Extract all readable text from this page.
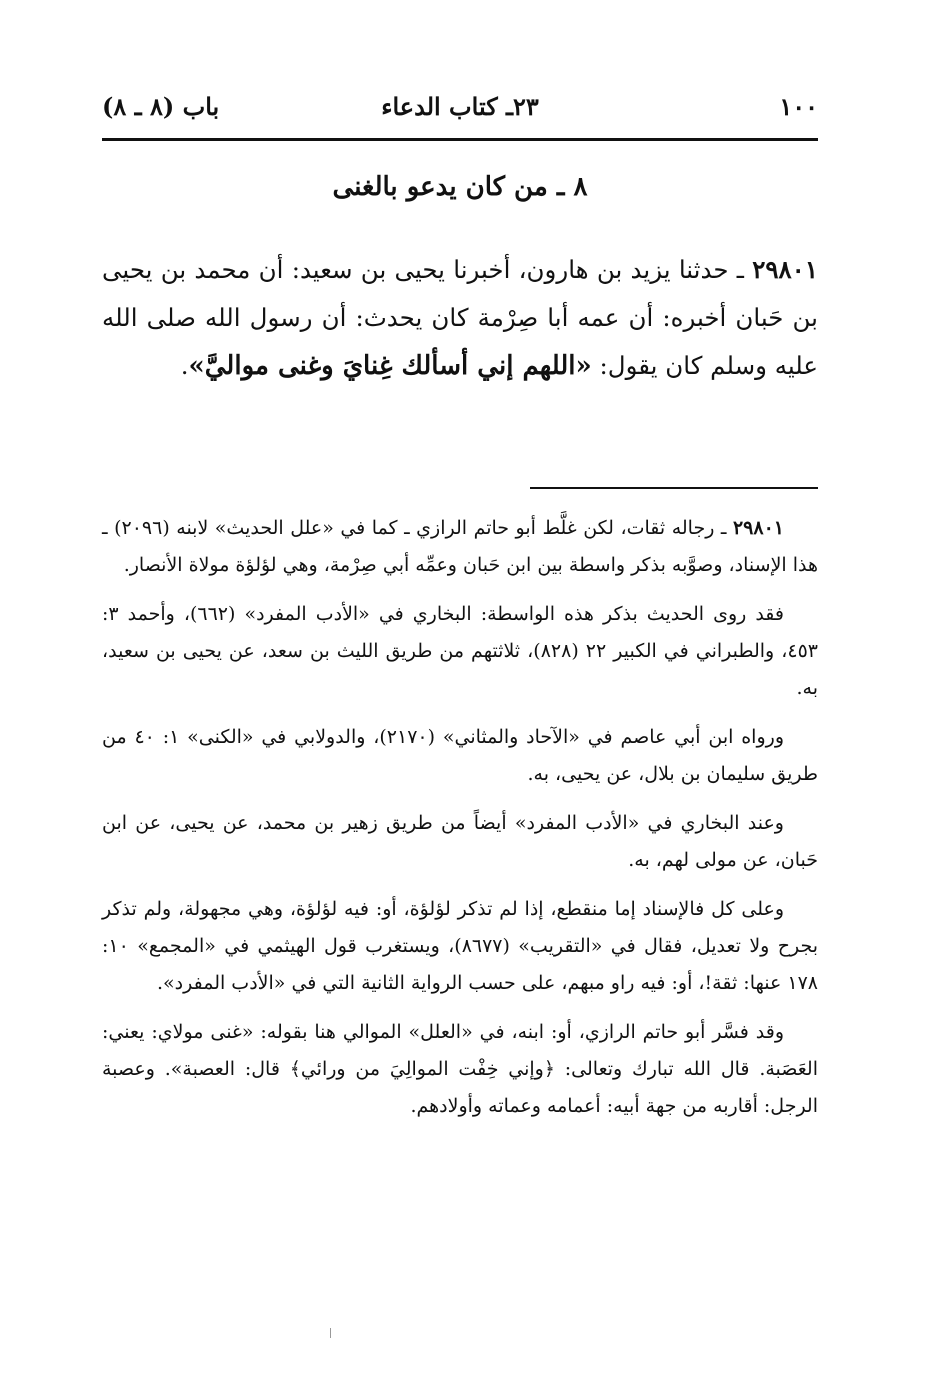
١٠٠
٢٣ـ كتاب الدعاء
باب (٨ ـ ٨)
٨ ـ من كان يدعو بالغنى
٢٩٨٠١ ـ حدثنا يزيد بن هارون، أخبرنا يحيى بن سعيد: أن محمد بن يحيى بن حَبان أخبره: أن عمه أبا صِرْمة كان يحدث: أن رسول الله صلى الله عليه وسلم كان يقول: «اللهم إني أسألك غِنايَ وغنى مواليَّ».

٢٩٨٠١ ـ رجاله ثقات، لكن غلَّط أبو حاتم الرازي ـ كما في «علل الحديث» لابنه (٢٠٩٦) ـ هذا الإسناد، وصوَّبه بذكر واسطة بين ابن حَبان وعمِّه أبي صِرْمة، وهي لؤلؤة مولاة الأنصار.

فقد روى الحديث بذكر هذه الواسطة: البخاري في «الأدب المفرد» (٦٦٢)، وأحمد ٣: ٤٥٣، والطبراني في الكبير ٢٢ (٨٢٨)، ثلاثتهم من طريق الليث بن سعد، عن يحيى بن سعيد، به.

ورواه ابن أبي عاصم في «الآحاد والمثاني» (٢١٧٠)، والدولابي في «الكنى» ١: ٤٠ من طريق سليمان بن بلال، عن يحيى، به.

وعند البخاري في «الأدب المفرد» أيضاً من طريق زهير بن محمد، عن يحيى، عن ابن حَبان، عن مولى لهم، به.

وعلى كل فالإسناد إما منقطع، إذا لم تذكر لؤلؤة، أو: فيه لؤلؤة، وهي مجهولة، ولم تذكر بجرح ولا تعديل، فقال في «التقريب» (٨٦٧٧)، ويستغرب قول الهيثمي في «المجمع» ١٠: ١٧٨ عنها: ثقة!، أو: فيه راو مبهم، على حسب الرواية الثانية التي في «الأدب المفرد».

وقد فسَّر أبو حاتم الرازي، أو: ابنه، في «العلل» الموالي هنا بقوله: «غنى مولاي: يعني: العَصَبة. قال الله تبارك وتعالى: ﴿وإني خِفْت الموالِيَ من ورائي﴾ قال: العصبة». وعصبة الرجل: أقاربه من جهة أبيه: أعمامه وعماته وأولادهم.
